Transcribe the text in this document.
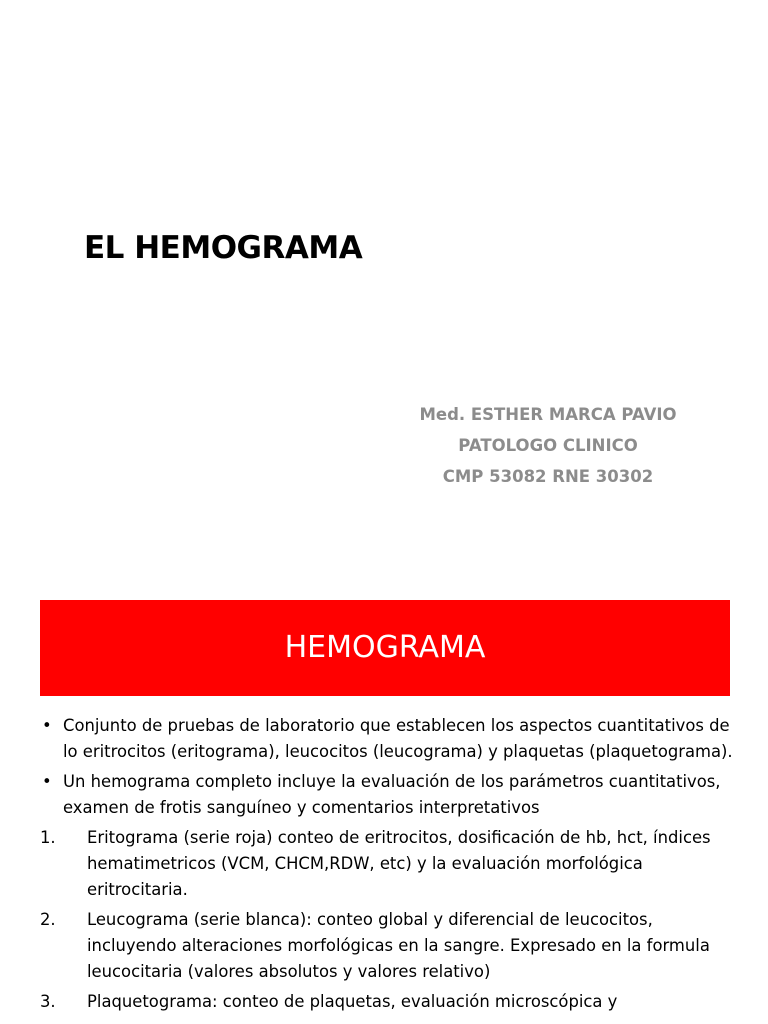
EL HEMOGRAMA
Med. ESTHER MARCA PAVIO
PATOLOGO CLINICO
CMP 53082 RNE 30302
HEMOGRAMA
• Conjunto de pruebas de laboratorio que establecen los aspectos cuantitativos de lo eritrocitos (eritograma), leucocitos (leucograma) y plaquetas (plaquetograma).
• Un hemograma completo incluye la evaluación de los parámetros cuantitativos, examen de frotis sanguíneo y comentarios interpretativos
1. Eritograma (serie roja) conteo de eritrocitos, dosificación de hb, hct, índices hematimetricos (VCM, CHCM,RDW, etc) y la evaluación morfológica eritrocitaria.
2. Leucograma (serie blanca): conteo global y diferencial de leucocitos, incluyendo alteraciones morfológicas en la sangre. Expresado en la formula leucocitaria (valores absolutos y valores relativo)
3. Plaquetograma: conteo de plaquetas, evaluación microscópica y
